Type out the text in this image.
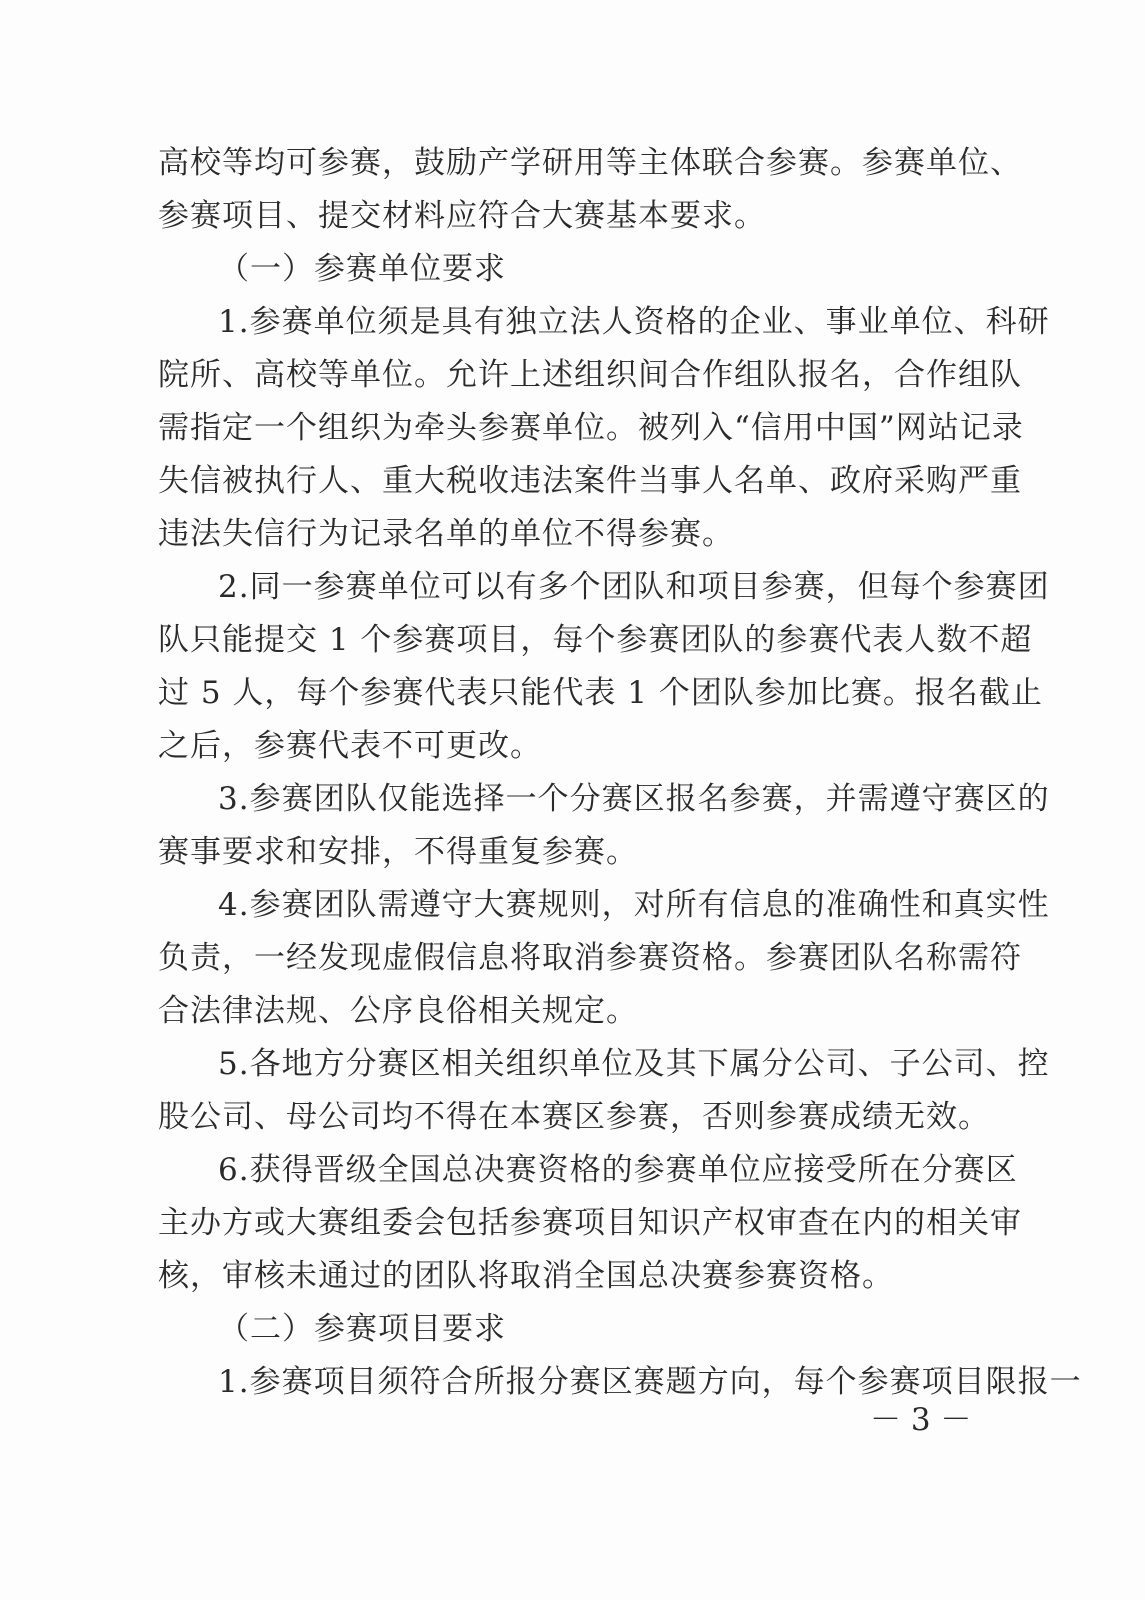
高校等均可参赛，鼓励产学研用等主体联合参赛。参赛单位、
参赛项目、提交材料应符合大赛基本要求。
（一）参赛单位要求
1.参赛单位须是具有独立法人资格的企业、事业单位、科研
院所、高校等单位。允许上述组织间合作组队报名，合作组队
需指定一个组织为牵头参赛单位。被列入“信用中国”网站记录
失信被执行人、重大税收违法案件当事人名单、政府采购严重
违法失信行为记录名单的单位不得参赛。
2.同一参赛单位可以有多个团队和项目参赛，但每个参赛团
队只能提交 1 个参赛项目，每个参赛团队的参赛代表人数不超
过 5 人，每个参赛代表只能代表 1 个团队参加比赛。报名截止
之后，参赛代表不可更改。
3.参赛团队仅能选择一个分赛区报名参赛，并需遵守赛区的
赛事要求和安排，不得重复参赛。
4.参赛团队需遵守大赛规则，对所有信息的准确性和真实性
负责，一经发现虚假信息将取消参赛资格。参赛团队名称需符
合法律法规、公序良俗相关规定。
5.各地方分赛区相关组织单位及其下属分公司、子公司、控
股公司、母公司均不得在本赛区参赛，否则参赛成绩无效。
6.获得晋级全国总决赛资格的参赛单位应接受所在分赛区
主办方或大赛组委会包括参赛项目知识产权审查在内的相关审
核，审核未通过的团队将取消全国总决赛参赛资格。
（二）参赛项目要求
1.参赛项目须符合所报分赛区赛题方向，每个参赛项目限报一
－ 3 －
